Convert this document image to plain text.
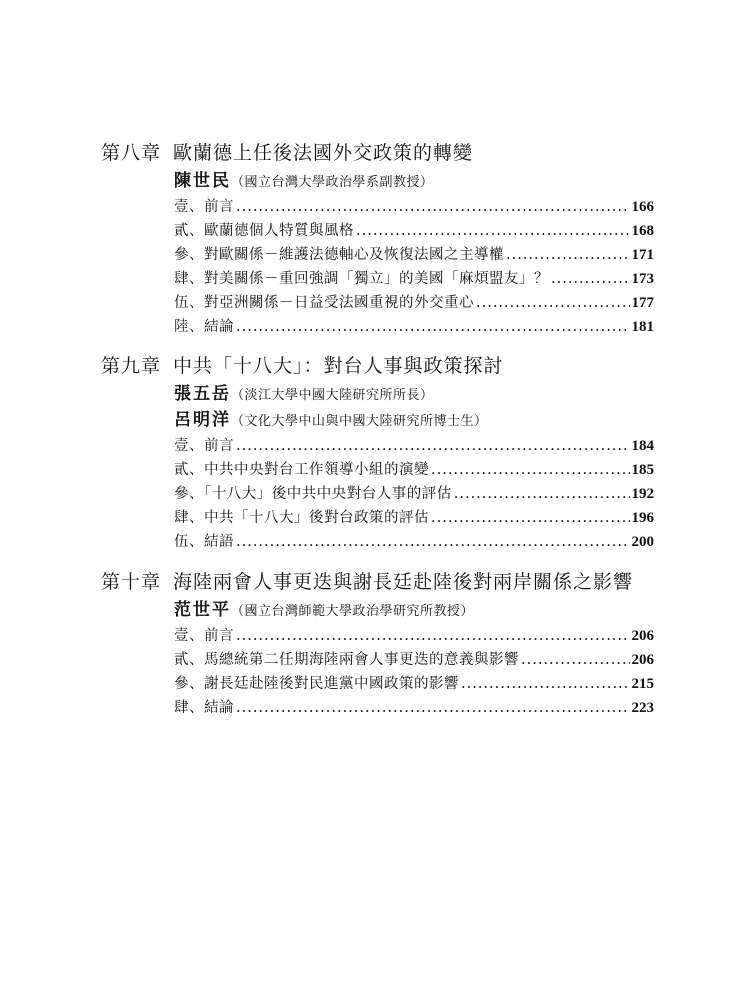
第八章 歐蘭德上任後法國外交政策的轉變
陳世民（國立台灣大學政治學系副教授）
壹、前言 .....	166
貳、歐蘭德個人特質與風格 .....	168
參、對歐關係－維護法德軸心及恢復法國之主導權 .....	171
肆、對美關係－重回強調「獨立」的美國「麻煩盟友」？ .....	173
伍、對亞洲關係－日益受法國重視的外交重心 .....	177
陸、結論 .....	181
第九章 中共「十八大」：對台人事與政策探討
張五岳（淡江大學中國大陸研究所所長）
呂明洋（文化大學中山與中國大陸研究所博士生）
壹、前言 .....	184
貳、中共中央對台工作領導小組的演變 .....	185
參、「十八大」後中共中央對台人事的評估 .....	192
肆、中共「十八大」後對台政策的評估 .....	196
伍、結語 .....	200
第十章 海陸兩會人事更迭與謝長廷赴陸後對兩岸關係之影響
范世平（國立台灣師範大學政治學研究所教授）
壹、前言 .....	206
貳、馬總統第二任期海陸兩會人事更迭的意義與影響 .....	206
參、謝長廷赴陸後對民進黨中國政策的影響 .....	215
肆、結論 .....	223
